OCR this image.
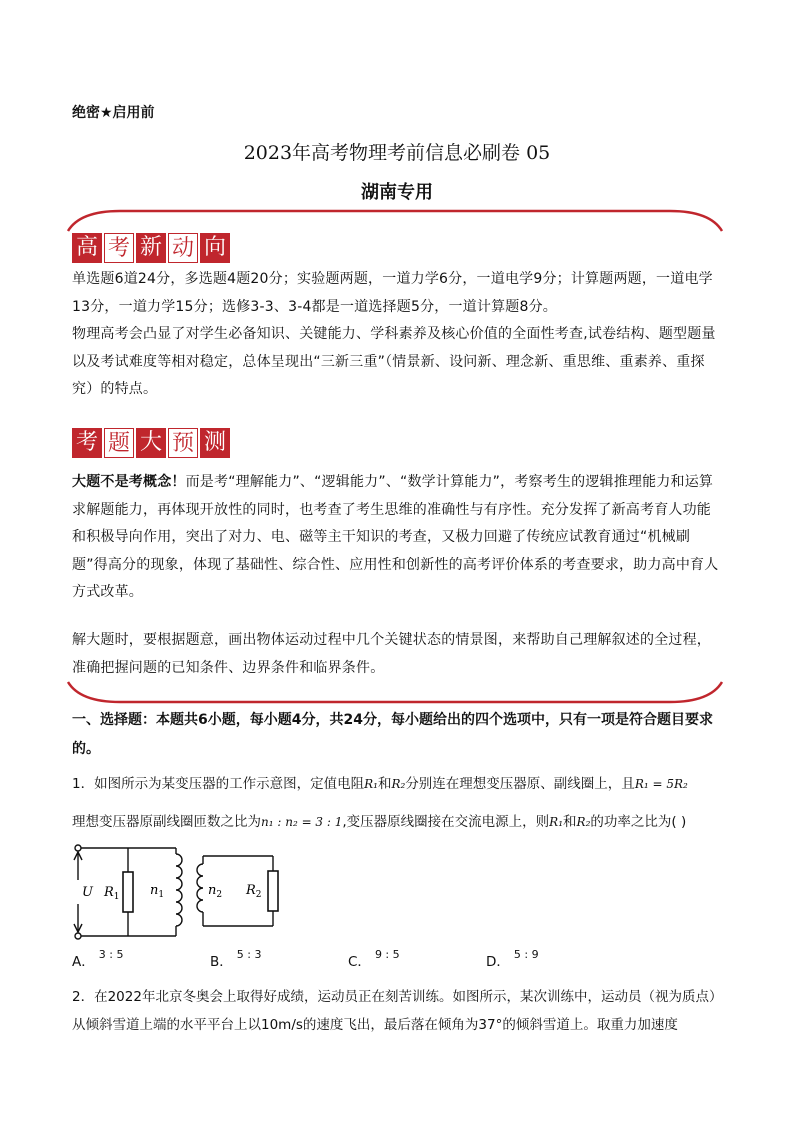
绝密★启用前
2023年高考物理考前信息必刷卷 05
湖南专用
高 考 新 动 向
单选题6道24分，多选题4题20分；实验题两题，一道力学6分，一道电学9分；计算题两题，一道电学13分，一道力学15分；选修3-3、3-4都是一道选择题5分，一道计算题8分。
物理高考会凸显了对学生必备知识、关键能力、学科素养及核心价值的全面性考查,试卷结构、题型题量以及考试难度等相对稳定，总体呈现出“三新三重”（情景新、设问新、理念新、重思维、重素养、重探究）的特点。
考 题 大 预 测
大题不是考概念！而是考“理解能力”、“逻辑能力”、“数学计算能力”，考察考生的逻辑推理能力和运算求解题能力，再体现开放性的同时，也考查了考生思维的准确性与有序性。充分发挥了新高考育人功能和积极导向作用，突出了对力、电、磁等主干知识的考查，又极力回避了传统应试教育通过“机械刷题”得高分的现象，体现了基础性、综合性、应用性和创新性的高考评价体系的考查要求，助力高中育人方式改革。
解大题时，要根据题意，画出物体运动过程中几个关键状态的情景图，来帮助自己理解叙述的全过程，准确把握问题的已知条件、边界条件和临界条件。
一、选择题：本题共6小题，每小题4分，共24分，每小题给出的四个选项中，只有一项是符合题目要求的。
1．如图所示为某变压器的工作示意图，定值电阻R₁和R₂分别连在理想变压器原、副线圈上，且R₁ = 5R₂
理想变压器原副线圈匝数之比为n₁ : n₂ = 3 : 1,变压器原线圈接在交流电源上，则R₁和R₂的功率之比为( )
U $R_1$ $n_1$	$n_2$ $R_2$
A． $^{3 : 5}$	B． $^{5 : 3}$	C． $^{9 : 5}$	D． $^{5 : 9}$
2．在2022年北京冬奥会上取得好成绩，运动员正在刻苦训练。如图所示，某次训练中，运动员（视为质点）从倾斜雪道上端的水平平台上以10m/s的速度飞出，最后落在倾角为37°的倾斜雪道上。取重力加速度
